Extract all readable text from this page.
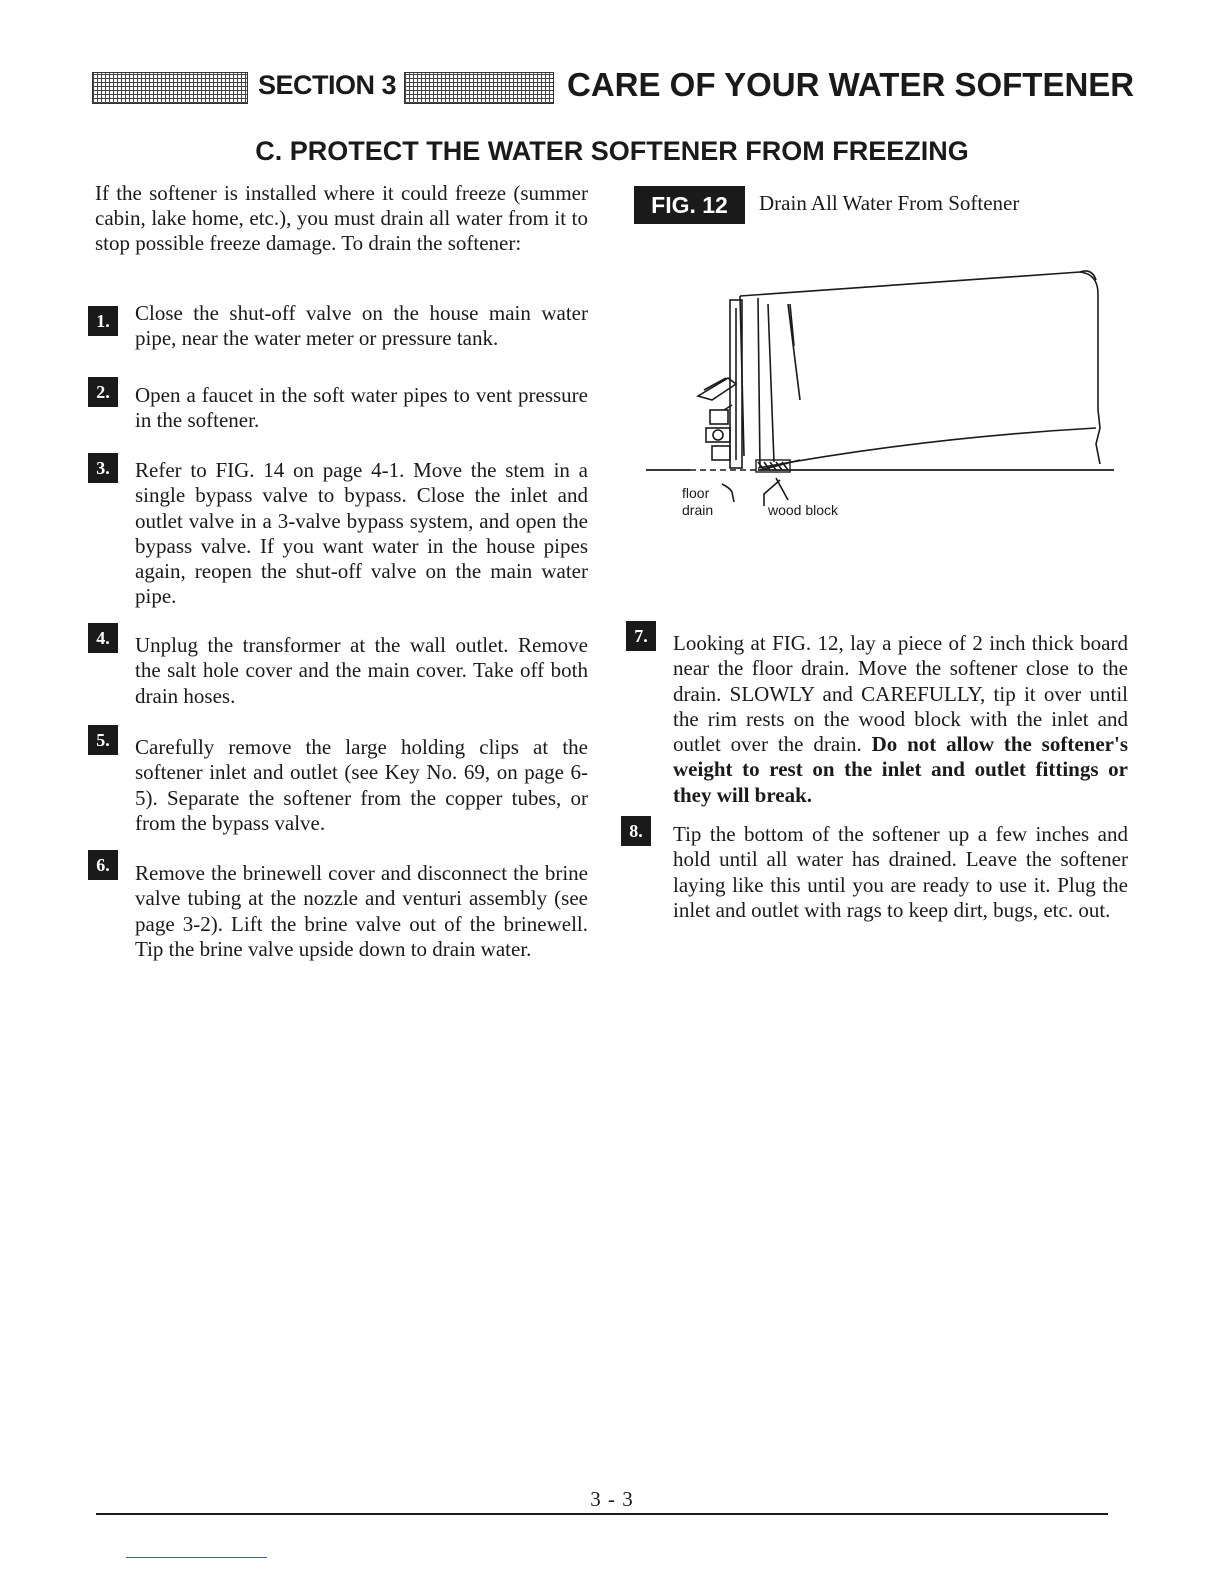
SECTION 3	CARE OF YOUR WATER SOFTENER
C. PROTECT THE WATER SOFTENER FROM FREEZING

If the softener is installed where it could freeze (summer cabin, lake home, etc.), you must drain all water from it to stop possible freeze damage. To drain the softener:

1.	Close the shut-off valve on the house main water pipe, near the water meter or pressure tank.

2.	Open a faucet in the soft water pipes to vent pressure in the softener.

3.	Refer to FIG. 14 on page 4-1. Move the stem in a single bypass valve to bypass. Close the inlet and outlet valve in a 3-valve bypass system, and open the bypass valve. If you want water in the house pipes again, reopen the shut-off valve on the main water pipe.

4.	Unplug the transformer at the wall outlet. Remove the salt hole cover and the main cover. Take off both drain hoses.

5.	Carefully remove the large holding clips at the softener inlet and outlet (see Key No. 69, on page 6-5). Separate the softener from the copper tubes, or from the bypass valve.

6.	Remove the brinewell cover and disconnect the brine valve tubing at the nozzle and venturi assembly (see page 3-2). Lift the brine valve out of the brinewell. Tip the brine valve upside down to drain water.

FIG. 12	Drain All Water From Softener
floor
drain	wood block
7.	Looking at FIG. 12, lay a piece of 2 inch thick board near the floor drain. Move the softener close to the drain. SLOWLY and CAREFULLY, tip it over until the rim rests on the wood block with the inlet and outlet over the drain. Do not allow the softener's weight to rest on the inlet and outlet fittings or they will break.

8.	Tip the bottom of the softener up a few inches and hold until all water has drained. Leave the softener laying like this until you are ready to use it. Plug the inlet and outlet with rags to keep dirt, bugs, etc. out.

3 - 3
